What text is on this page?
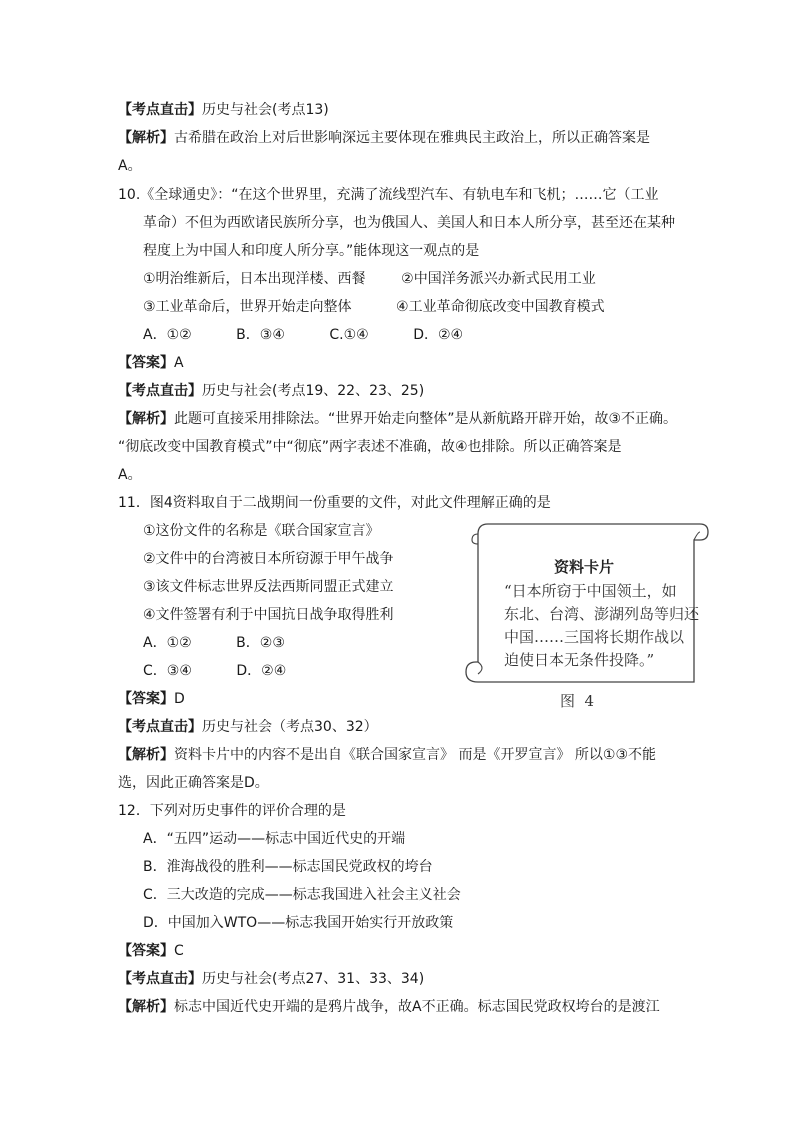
【考点直击】历史与社会(考点13)
【解析】古希腊在政治上对后世影响深远主要体现在雅典民主政治上，所以正确答案是
A。
10.《全球通史》：“在这个世界里，充满了流线型汽车、有轨电车和飞机；……它（工业
革命）不但为西欧诸民族所分享，也为俄国人、美国人和日本人所分享，甚至还在某种
程度上为中国人和印度人所分享。”能体现这一观点的是
①明治维新后，日本出现洋楼、西餐        ②中国洋务派兴办新式民用工业
③工业革命后，世界开始走向整体          ④工业革命彻底改变中国教育模式
A．①②          B．③④          C.①④          D．②④
【答案】A
【考点直击】历史与社会(考点19、22、23、25)
【解析】此题可直接采用排除法。“世界开始走向整体”是从新航路开辟开始，故③不正确。
“彻底改变中国教育模式”中“彻底”两字表述不准确，故④也排除。所以正确答案是
A。
11．图4资料取自于二战期间一份重要的文件，对此文件理解正确的是
①这份文件的名称是《联合国家宣言》
②文件中的台湾被日本所窃源于甲午战争
③该文件标志世界反法西斯同盟正式建立
④文件签署有利于中国抗日战争取得胜利
A．①②          B．②③
C．③④          D．②④
【答案】D
【考点直击】历史与社会（考点30、32）
【解析】资料卡片中的内容不是出自《联合国家宣言》 而是《开罗宣言》 所以①③不能
选，因此正确答案是D。
12．下列对历史事件的评价合理的是
A．“五四”运动——标志中国近代史的开端
B．淮海战役的胜利——标志国民党政权的垮台
C．三大改造的完成——标志我国进入社会主义社会
D．中国加入WTO——标志我国开始实行开放政策
【答案】C
【考点直击】历史与社会(考点27、31、33、34)
【解析】标志中国近代史开端的是鸦片战争，故A不正确。标志国民党政权垮台的是渡江
资料卡片
“日本所窃于中国领土，如
东北、台湾、澎湖列岛等归还
中国……三国将长期作战以
迫使日本无条件投降。”
图  4
